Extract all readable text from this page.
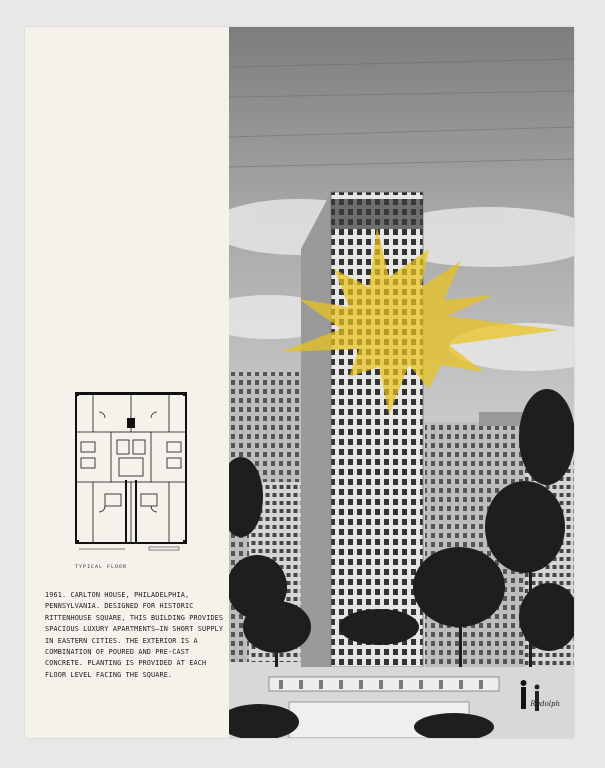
TYPICAL FLOOR
1961. CARLTON HOUSE, PHILADELPHIA, PENNSYLVANIA. DESIGNED FOR HISTORIC RITTENHOUSE SQUARE, THIS BUILDING PROVIDES SPACIOUS LUXURY APARTMENTS—IN SHORT SUPPLY IN EASTERN CITIES. THE EXTERIOR IS A COMBINATION OF POURED AND PRE-CAST CONCRETE. PLANTING IS PROVIDED AT EACH FLOOR LEVEL FACING THE SQUARE.
Rudolph
